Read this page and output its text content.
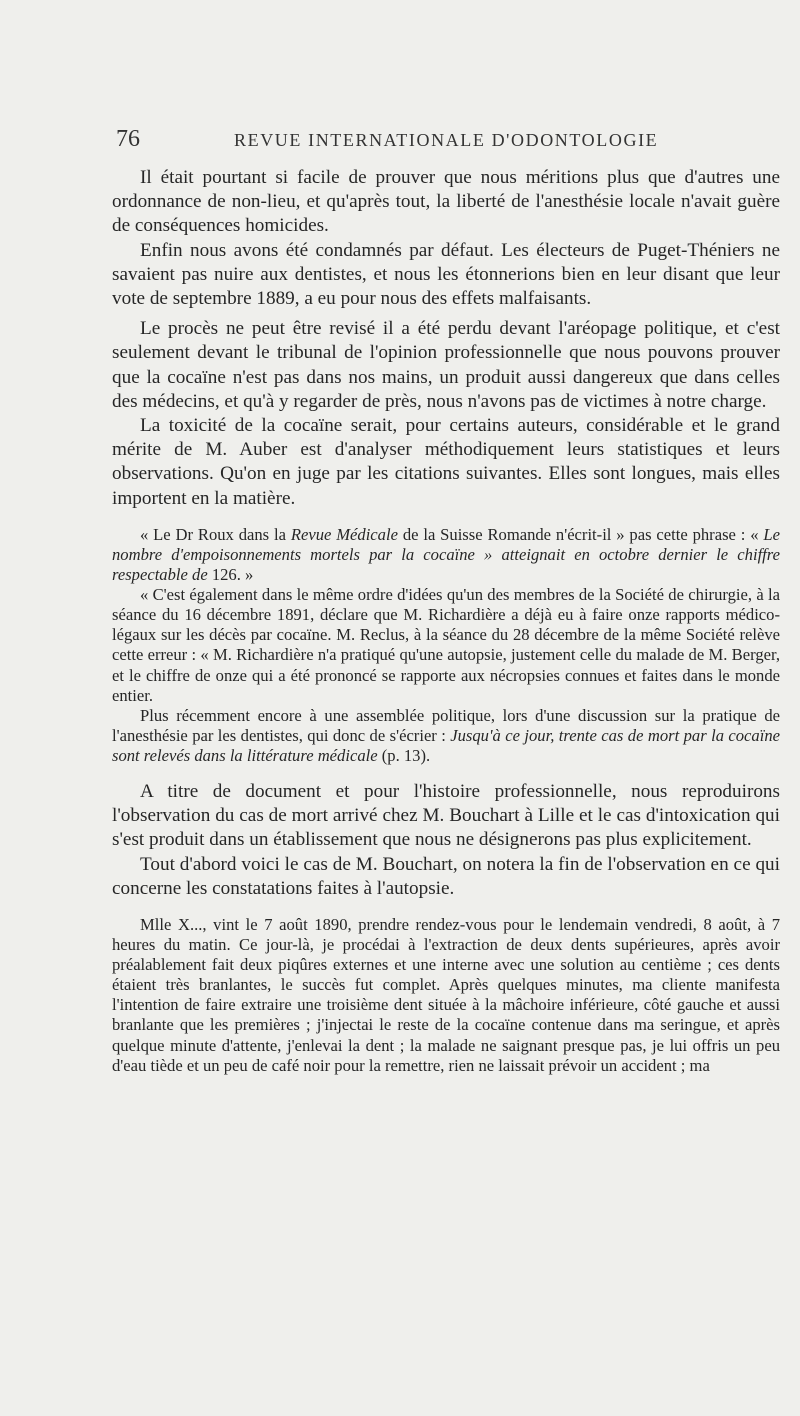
76	REVUE INTERNATIONALE D'ODONTOLOGIE

Il était pourtant si facile de prouver que nous méritions plus que d'autres une ordonnance de non-lieu, et qu'après tout, la liberté de l'anesthésie locale n'avait guère de conséquences homicides.

Enfin nous avons été condamnés par défaut. Les électeurs de Puget-Théniers ne savaient pas nuire aux dentistes, et nous les étonnerions bien en leur disant que leur vote de septembre 1889, a eu pour nous des effets malfaisants.

Le procès ne peut être revisé il a été perdu devant l'aréopage politique, et c'est seulement devant le tribunal de l'opinion professionnelle que nous pouvons prouver que la cocaïne n'est pas dans nos mains, un produit aussi dangereux que dans celles des médecins, et qu'à y regarder de près, nous n'avons pas de victimes à notre charge.

La toxicité de la cocaïne serait, pour certains auteurs, considérable et le grand mérite de M. Auber est d'analyser méthodiquement leurs statistiques et leurs observations. Qu'on en juge par les citations suivantes. Elles sont longues, mais elles importent en la matière.

« Le Dr Roux dans la Revue Médicale de la Suisse Romande n'écrit-il » pas cette phrase : « Le nombre d'empoisonnements mortels par la cocaïne » atteignait en octobre dernier le chiffre respectable de 126. »

« C'est également dans le même ordre d'idées qu'un des membres de la Société de chirurgie, à la séance du 16 décembre 1891, déclare que M. Richardière a déjà eu à faire onze rapports médico-légaux sur les décès par cocaïne. M. Reclus, à la séance du 28 décembre de la même Société relève cette erreur : « M. Richardière n'a pratiqué qu'une autopsie, justement celle du malade de M. Berger, et le chiffre de onze qui a été prononcé se rapporte aux nécropsies connues et faites dans le monde entier.

Plus récemment encore à une assemblée politique, lors d'une discussion sur la pratique de l'anesthésie par les dentistes, qui donc de s'écrier : Jusqu'à ce jour, trente cas de mort par la cocaïne sont relevés dans la littérature médicale (p. 13).

A titre de document et pour l'histoire professionnelle, nous reproduirons l'observation du cas de mort arrivé chez M. Bouchart à Lille et le cas d'intoxication qui s'est produit dans un établissement que nous ne désignerons pas plus explicitement.

Tout d'abord voici le cas de M. Bouchart, on notera la fin de l'observation en ce qui concerne les constatations faites à l'autopsie.

Mlle X..., vint le 7 août 1890, prendre rendez-vous pour le lendemain vendredi, 8 août, à 7 heures du matin. Ce jour-là, je procédai à l'extraction de deux dents supérieures, après avoir préalablement fait deux piqûres externes et une interne avec une solution au centième ; ces dents étaient très branlantes, le succès fut complet. Après quelques minutes, ma cliente manifesta l'intention de faire extraire une troisième dent située à la mâchoire inférieure, côté gauche et aussi branlante que les premières ; j'injectai le reste de la cocaïne contenue dans ma seringue, et après quelque minute d'attente, j'enlevai la dent ; la malade ne saignant presque pas, je lui offris un peu d'eau tiède et un peu de café noir pour la remettre, rien ne laissait prévoir un accident ; ma
